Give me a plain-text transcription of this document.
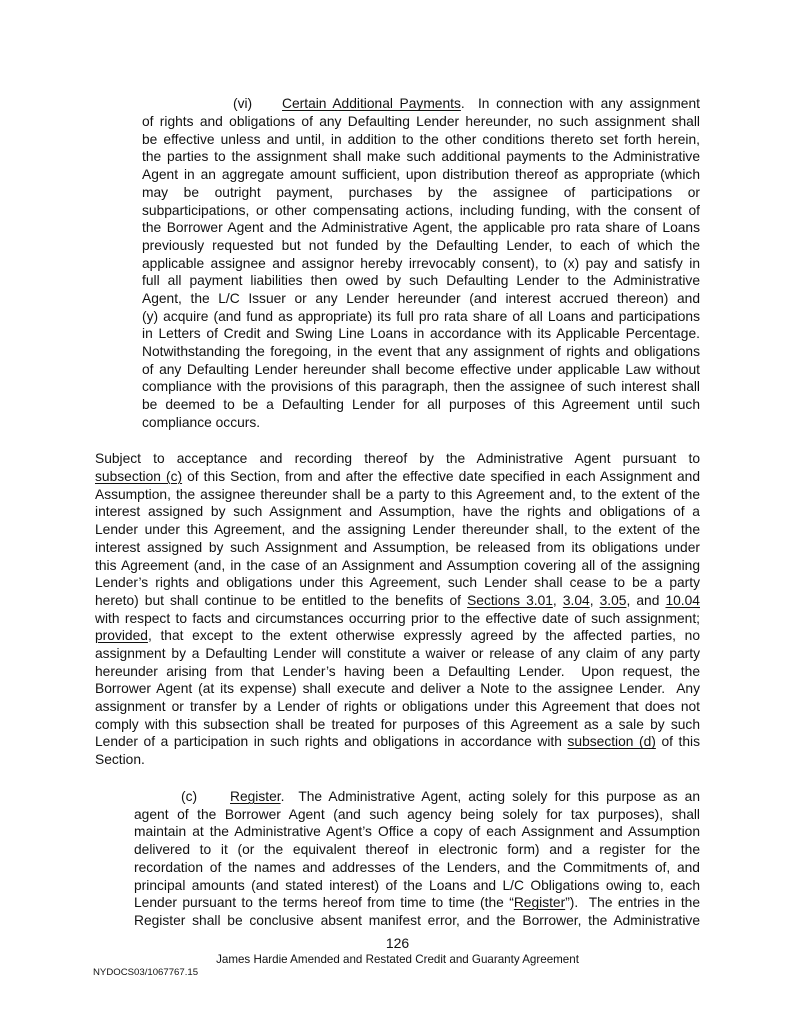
(vi) Certain Additional Payments.  In connection with any assignment
of rights and obligations of any Defaulting Lender hereunder, no such assignment shall
be effective unless and until, in addition to the other conditions thereto set forth herein,
the parties to the assignment shall make such additional payments to the Administrative
Agent in an aggregate amount sufficient, upon distribution thereof as appropriate (which
may be outright payment, purchases by the assignee of participations or
subparticipations, or other compensating actions, including funding, with the consent of
the Borrower Agent and the Administrative Agent, the applicable pro rata share of Loans
previously requested but not funded by the Defaulting Lender, to each of which the
applicable assignee and assignor hereby irrevocably consent), to (x) pay and satisfy in
full all payment liabilities then owed by such Defaulting Lender to the Administrative
Agent, the L/C Issuer or any Lender hereunder (and interest accrued thereon) and
(y) acquire (and fund as appropriate) its full pro rata share of all Loans and participations
in Letters of Credit and Swing Line Loans in accordance with its Applicable Percentage.
Notwithstanding the foregoing, in the event that any assignment of rights and obligations
of any Defaulting Lender hereunder shall become effective under applicable Law without
compliance with the provisions of this paragraph, then the assignee of such interest shall
be deemed to be a Defaulting Lender for all purposes of this Agreement until such
compliance occurs.
Subject to acceptance and recording thereof by the Administrative Agent pursuant to
subsection (c) of this Section, from and after the effective date specified in each Assignment and
Assumption, the assignee thereunder shall be a party to this Agreement and, to the extent of the
interest assigned by such Assignment and Assumption, have the rights and obligations of a
Lender under this Agreement, and the assigning Lender thereunder shall, to the extent of the
interest assigned by such Assignment and Assumption, be released from its obligations under
this Agreement (and, in the case of an Assignment and Assumption covering all of the assigning
Lender’s rights and obligations under this Agreement, such Lender shall cease to be a party
hereto) but shall continue to be entitled to the benefits of Sections 3.01, 3.04, 3.05, and 10.04
with respect to facts and circumstances occurring prior to the effective date of such assignment;
provided, that except to the extent otherwise expressly agreed by the affected parties, no
assignment by a Defaulting Lender will constitute a waiver or release of any claim of any party
hereunder arising from that Lender’s having been a Defaulting Lender.  Upon request, the
Borrower Agent (at its expense) shall execute and deliver a Note to the assignee Lender.  Any
assignment or transfer by a Lender of rights or obligations under this Agreement that does not
comply with this subsection shall be treated for purposes of this Agreement as a sale by such
Lender of a participation in such rights and obligations in accordance with subsection (d) of this
Section.
(c) Register.  The Administrative Agent, acting solely for this purpose as an
agent of the Borrower Agent (and such agency being solely for tax purposes), shall
maintain at the Administrative Agent’s Office a copy of each Assignment and Assumption
delivered to it (or the equivalent thereof in electronic form) and a register for the
recordation of the names and addresses of the Lenders, and the Commitments of, and
principal amounts (and stated interest) of the Loans and L/C Obligations owing to, each
Lender pursuant to the terms hereof from time to time (the “Register”).  The entries in the
Register shall be conclusive absent manifest error, and the Borrower, the Administrative
126
James Hardie Amended and Restated Credit and Guaranty Agreement
NYDOCS03/1067767.15
